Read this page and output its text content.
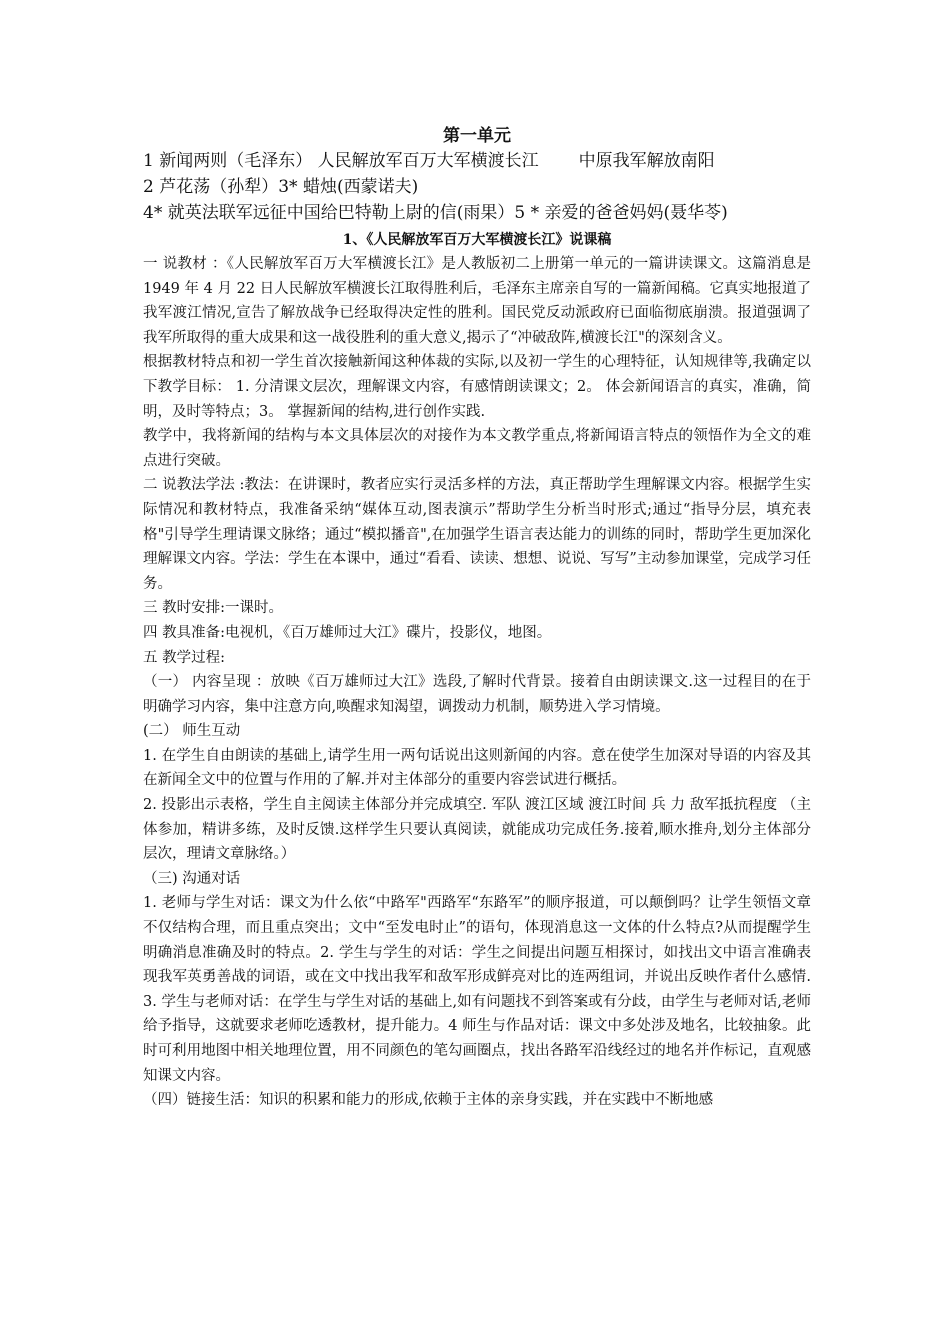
第一单元
1 新闻两则（毛泽东） 人民解放军百万大军横渡长江 中原我军解放南阳
2 芦花荡（孙犁）3* 蜡烛(西蒙诺夫)
4* 就英法联军远征中国给巴特勒上尉的信(雨果）5 * 亲爱的爸爸妈妈(聂华苓)
1、《人民解放军百万大军横渡长江》说课稿

一 说教材 ：《人民解放军百万大军横渡长江》是人教版初二上册第一单元的一篇讲读课文。这篇消息是 1949 年 4 月 22 日人民解放军横渡长江取得胜利后，毛泽东主席亲自写的一篇新闻稿。它真实地报道了我军渡江情况,宣告了解放战争已经取得决定性的胜利。国民党反动派政府已面临彻底崩溃。报道强调了我军所取得的重大成果和这一战役胜利的重大意义,揭示了“冲破敌阵,横渡长江"的深刻含义。

根据教材特点和初一学生首次接触新闻这种体裁的实际,以及初一学生的心理特征，认知规律等,我确定以下教学目标： 1. 分清课文层次，理解课文内容，有感情朗读课文；2。 体会新闻语言的真实，准确，简明，及时等特点；3。 掌握新闻的结构,进行创作实践.

教学中，我将新闻的结构与本文具体层次的对接作为本文教学重点,将新闻语言特点的领悟作为全文的难点进行突破。

二 说教法学法 :教法：在讲课时，教者应实行灵活多样的方法，真正帮助学生理解课文内容。根据学生实际情况和教材特点，我准备采纳“媒体互动,图表演示”帮助学生分析当时形式;通过“指导分层，填充表格"引导学生理请课文脉络；通过“模拟播音",在加强学生语言表达能力的训练的同时，帮助学生更加深化理解课文内容。学法：学生在本课中，通过“看看、读读、想想、说说、写写”主动参加课堂，完成学习任务。

三 教时安排:一课时。

四 教具准备:电视机，《百万雄师过大江》碟片，投影仪，地图。

五 教学过程:

（一） 内容呈现 ：放映《百万雄师过大江》选段,了解时代背景。接着自由朗读课文.这一过程目的在于明确学习内容，集中注意方向,唤醒求知渴望，调拨动力机制，顺势进入学习情境。

(二） 师生互动

1. 在学生自由朗读的基础上,请学生用一两句话说出这则新闻的内容。意在使学生加深对导语的内容及其在新闻全文中的位置与作用的了解.并对主体部分的重要内容尝试进行概括。

2. 投影出示表格，学生自主阅读主体部分并完成填空. 军队 渡江区域 渡江时间 兵 力 敌军抵抗程度 （主体参加，精讲多练，及时反馈.这样学生只要认真阅读，就能成功完成任务.接着,顺水推舟,划分主体部分层次，理请文章脉络。）

（三) 沟通对话

1. 老师与学生对话：课文为什么依“中路军"西路军“东路军”的顺序报道，可以颠倒吗？让学生领悟文章不仅结构合理，而且重点突出；文中“至发电时止”的语句，体现消息这一文体的什么特点?从而提醒学生明确消息准确及时的特点。2. 学生与学生的对话：学生之间提出问题互相探讨，如找出文中语言准确表现我军英勇善战的词语，或在文中找出我军和敌军形成鲜亮对比的连两组词，并说出反映作者什么感情.3. 学生与老师对话：在学生与学生对话的基础上,如有问题找不到答案或有分歧，由学生与老师对话,老师给予指导，这就要求老师吃透教材，提升能力。4 师生与作品对话：课文中多处涉及地名，比较抽象。此时可利用地图中相关地理位置，用不同颜色的笔勾画圈点，找出各路军沿线经过的地名并作标记，直观感知课文内容。

（四）链接生活：知识的积累和能力的形成,依赖于主体的亲身实践，并在实践中不断地感
